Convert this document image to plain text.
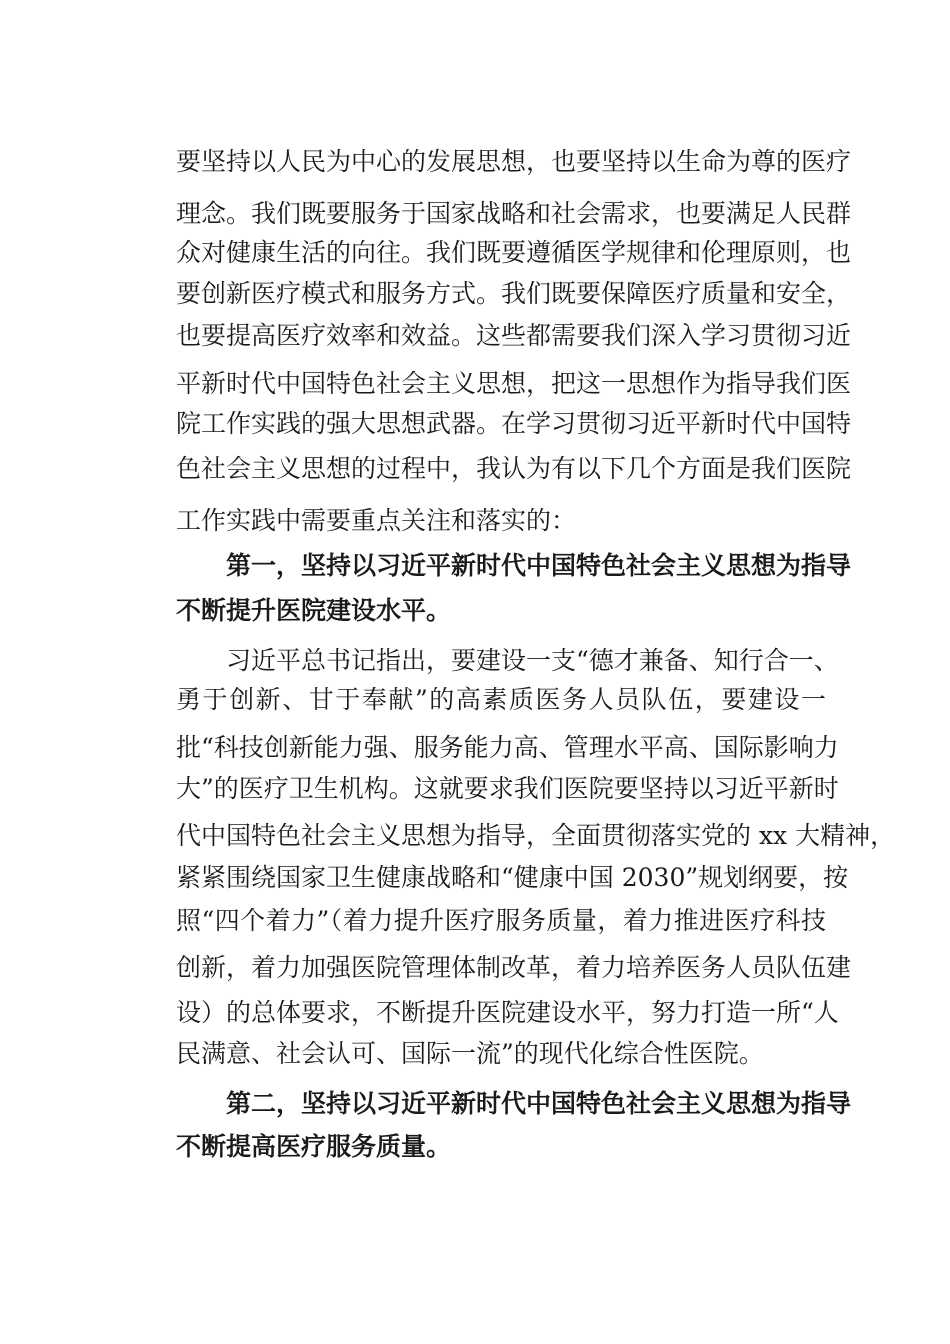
要坚持以人民为中心的发展思想，也要坚持以生命为尊的医疗
理念。我们既要服务于国家战略和社会需求，也要满足人民群
众对健康生活的向往。我们既要遵循医学规律和伦理原则，也
要创新医疗模式和服务方式。我们既要保障医疗质量和安全，
也要提高医疗效率和效益。这些都需要我们深入学习贯彻习近
平新时代中国特色社会主义思想，把这一思想作为指导我们医
院工作实践的强大思想武器。在学习贯彻习近平新时代中国特
色社会主义思想的过程中，我认为有以下几个方面是我们医院
工作实践中需要重点关注和落实的：
第一，坚持以习近平新时代中国特色社会主义思想为指导
不断提升医院建设水平。
习近平总书记指出，要建设一支“德才兼备、知行合一、
勇于创新、甘于奉献”的高素质医务人员队伍，要建设一
批“科技创新能力强、服务能力高、管理水平高、国际影响力
大”的医疗卫生机构。这就要求我们医院要坚持以习近平新时
代中国特色社会主义思想为指导，全面贯彻落实党的 xx 大精神，
紧紧围绕国家卫生健康战略和“健康中国 2030”规划纲要，按
照“四个着力”（着力提升医疗服务质量，着力推进医疗科技
创新，着力加强医院管理体制改革，着力培养医务人员队伍建
设）的总体要求，不断提升医院建设水平，努力打造一所“人
民满意、社会认可、国际一流”的现代化综合性医院。
第二，坚持以习近平新时代中国特色社会主义思想为指导
不断提高医疗服务质量。
